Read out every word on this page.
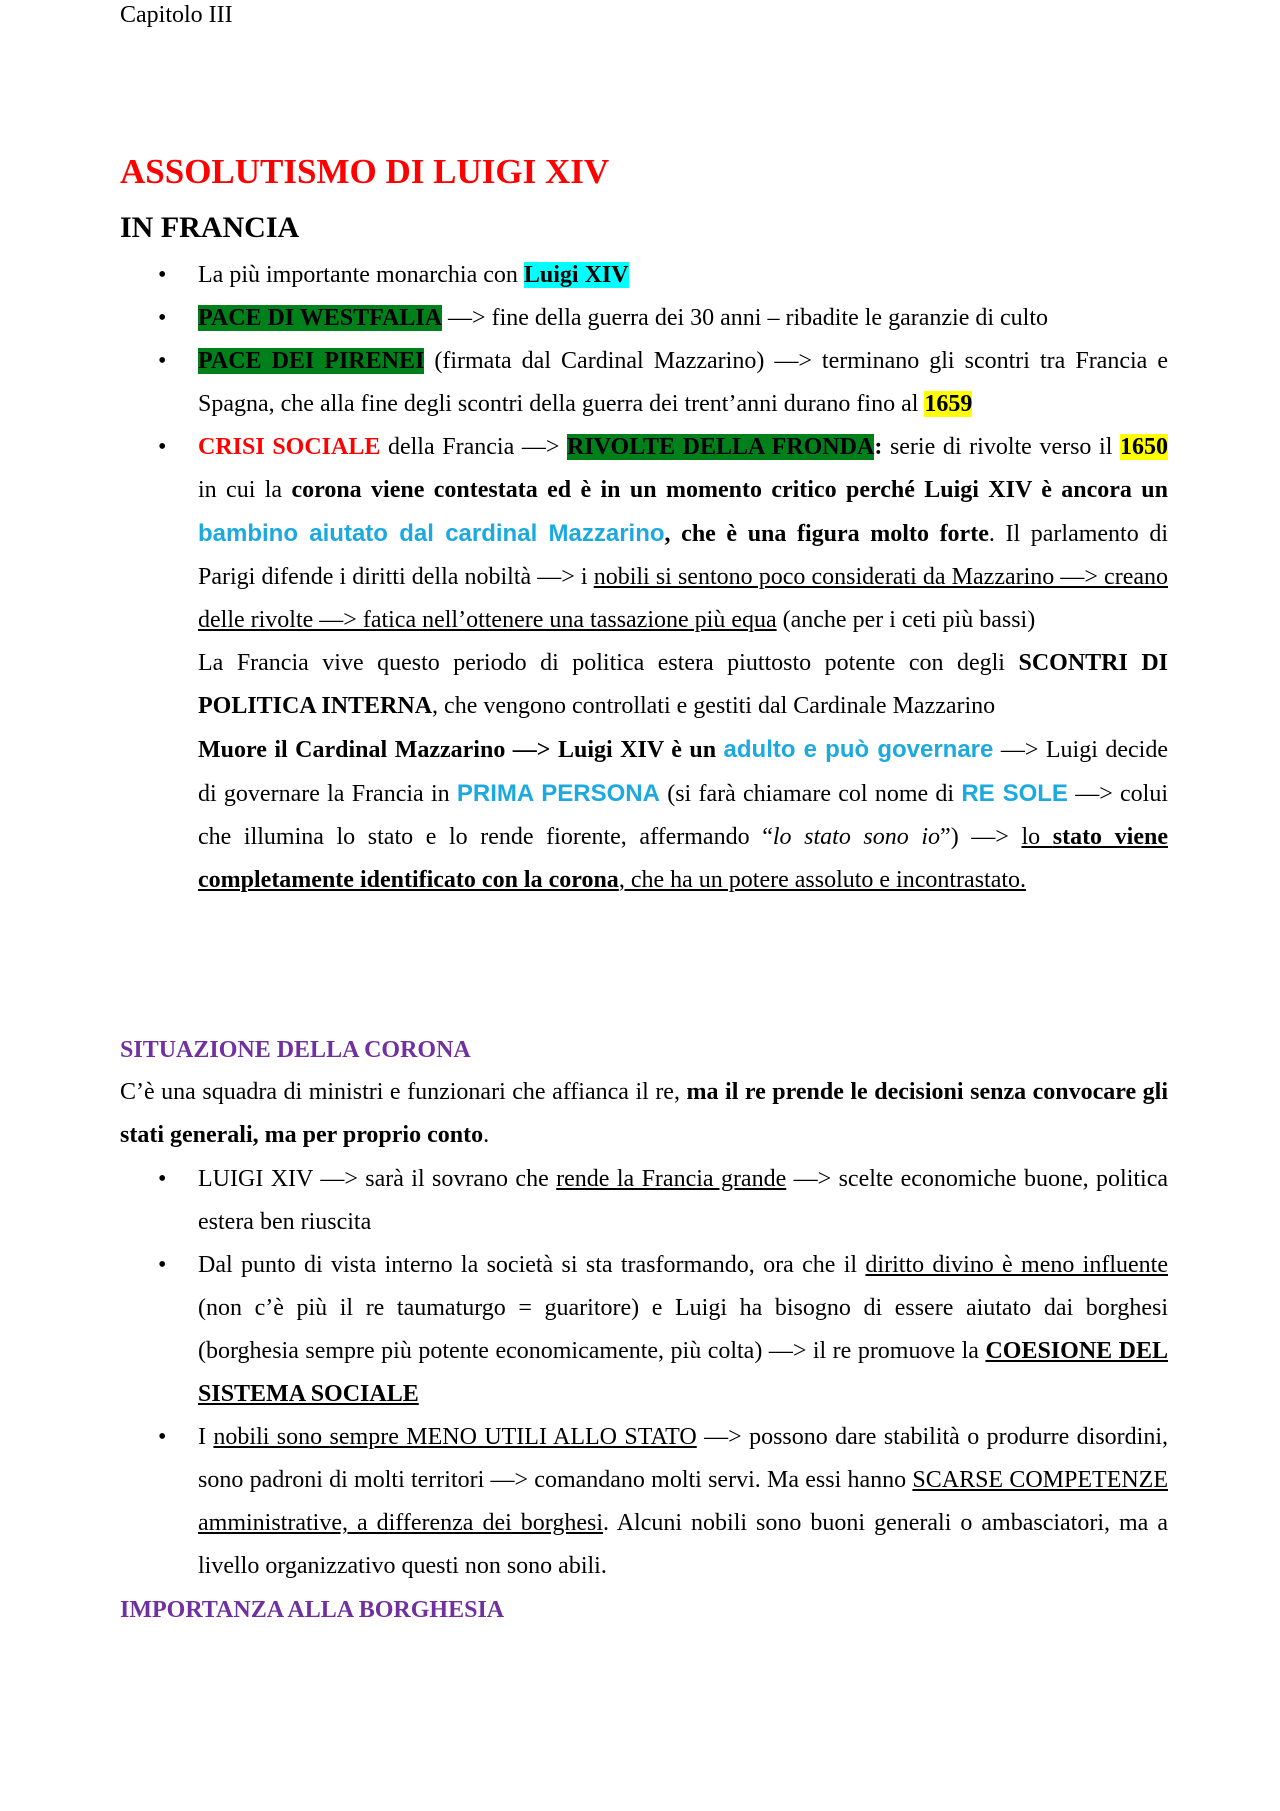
Capitolo III
ASSOLUTISMO DI LUIGI XIV
IN FRANCIA
• La più importante monarchia con Luigi XIV
• PACE DI WESTFALIA —> fine della guerra dei 30 anni – ribadite le garanzie di culto
• PACE DEI PIRENEI (firmata dal Cardinal Mazzarino) —> terminano gli scontri tra Francia e Spagna, che alla fine degli scontri della guerra dei trent’anni durano fino al 1659
• CRISI SOCIALE della Francia —> RIVOLTE DELLA FRONDA: serie di rivolte verso il 1650 in cui la corona viene contestata ed è in un momento critico perché Luigi XIV è ancora un bambino aiutato dal cardinal Mazzarino, che è una figura molto forte. Il parlamento di Parigi difende i diritti della nobiltà —> i nobili si sentono poco considerati da Mazzarino —> creano delle rivolte —> fatica nell’ottenere una tassazione più equa (anche per i ceti più bassi)
La Francia vive questo periodo di politica estera piuttosto potente con degli SCONTRI DI POLITICA INTERNA, che vengono controllati e gestiti dal Cardinale Mazzarino
Muore il Cardinal Mazzarino —> Luigi XIV è un adulto e può governare —> Luigi decide di governare la Francia in PRIMA PERSONA (si farà chiamare col nome di RE SOLE —> colui che illumina lo stato e lo rende fiorente, affermando “lo stato sono io”) —> lo stato viene completamente identificato con la corona, che ha un potere assoluto e incontrastato.
SITUAZIONE DELLA CORONA
C’è una squadra di ministri e funzionari che affianca il re, ma il re prende le decisioni senza convocare gli stati generali, ma per proprio conto.
• LUIGI XIV —> sarà il sovrano che rende la Francia grande —> scelte economiche buone, politica estera ben riuscita
• Dal punto di vista interno la società si sta trasformando, ora che il diritto divino è meno influente (non c’è più il re taumaturgo = guaritore) e Luigi ha bisogno di essere aiutato dai borghesi (borghesia sempre più potente economicamente, più colta) —> il re promuove la COESIONE DEL SISTEMA SOCIALE
• I nobili sono sempre MENO UTILI ALLO STATO —> possono dare stabilità o produrre disordini, sono padroni di molti territori —> comandano molti servi. Ma essi hanno SCARSE COMPETENZE amministrative, a differenza dei borghesi. Alcuni nobili sono buoni generali o ambasciatori, ma a livello organizzativo questi non sono abili.
IMPORTANZA ALLA BORGHESIA
